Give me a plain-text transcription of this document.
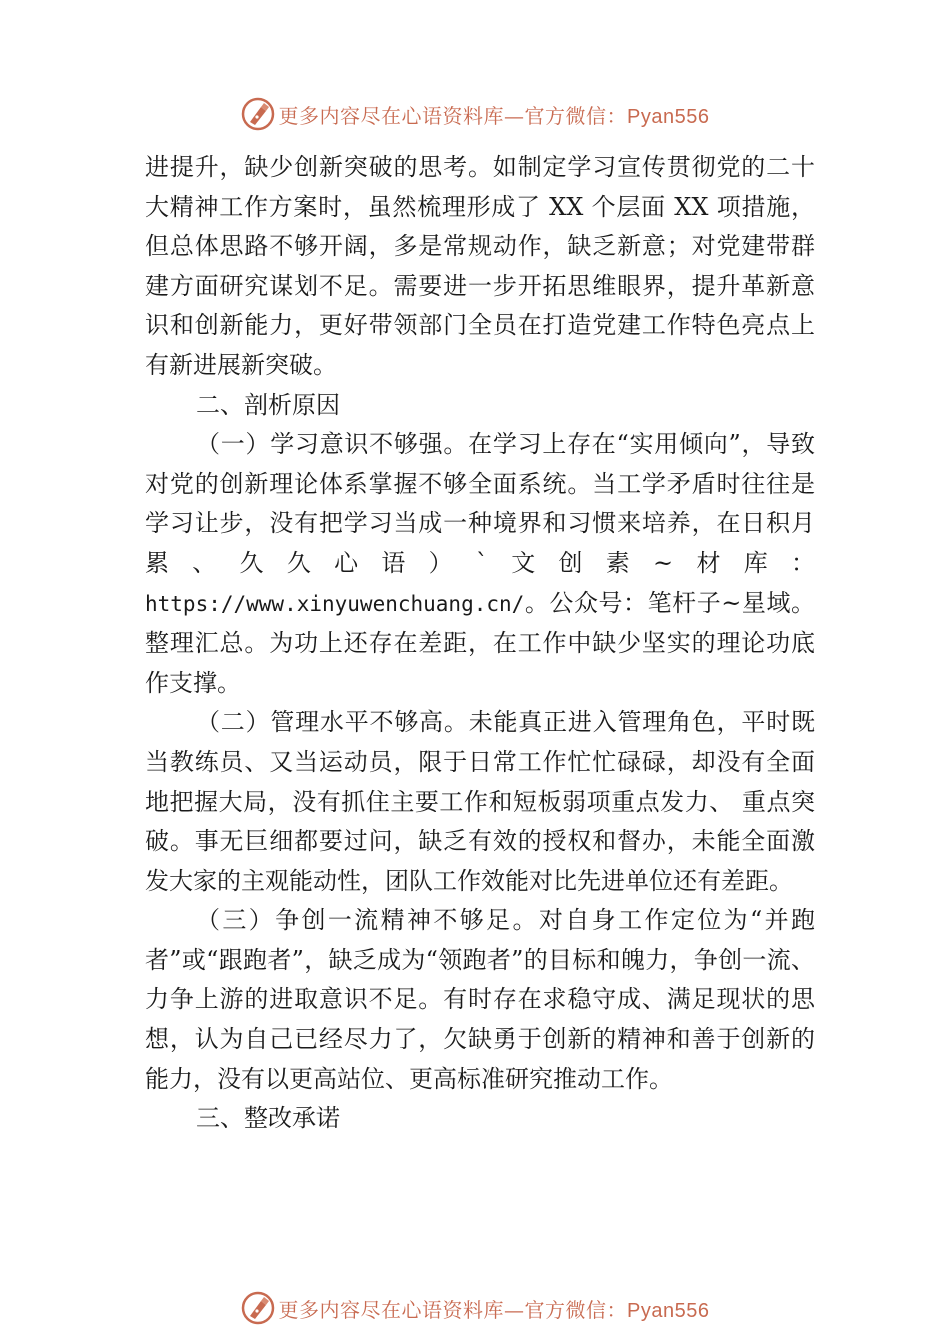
更多内容尽在心语资料库—官方微信：Pyan556

进提升，缺少创新突破的思考。如制定学习宣传贯彻党的二十大精神工作方案时，虽然梳理形成了 XX 个层面 XX 项措施，但总体思路不够开阔，多是常规动作，缺乏新意；对党建带群建方面研究谋划不足。需要进一步开拓思维眼界，提升革新意识和创新能力，更好带领部门全员在打造党建工作特色亮点上有新进展新突破。

二、剖析原因

（一）学习意识不够强。在学习上存在“实用倾向”，导致对党的创新理论体系掌握不够全面系统。当工学矛盾时往往是学习让步，没有把学习当成一种境界和习惯来培养，在日积月累、久久心语）`文创素~材库：https://www.xinyuwenchuang.cn/。公众号：笔杆子~星域。整理汇总。为功上还存在差距，在工作中缺少坚实的理论功底作支撑。

（二）管理水平不够高。未能真正进入管理角色，平时既当教练员、又当运动员，限于日常工作忙忙碌碌，却没有全面地把握大局，没有抓住主要工作和短板弱项重点发力、 重点突破。事无巨细都要过问，缺乏有效的授权和督办，未能全面激发大家的主观能动性，团队工作效能对比先进单位还有差距。

（三）争创一流精神不够足。对自身工作定位为“并跑者”或“跟跑者”，缺乏成为“领跑者”的目标和魄力，争创一流、力争上游的进取意识不足。有时存在求稳守成、满足现状的思想，认为自己已经尽力了，欠缺勇于创新的精神和善于创新的能力，没有以更高站位、更高标准研究推动工作。

三、整改承诺

更多内容尽在心语资料库—官方微信：Pyan556
